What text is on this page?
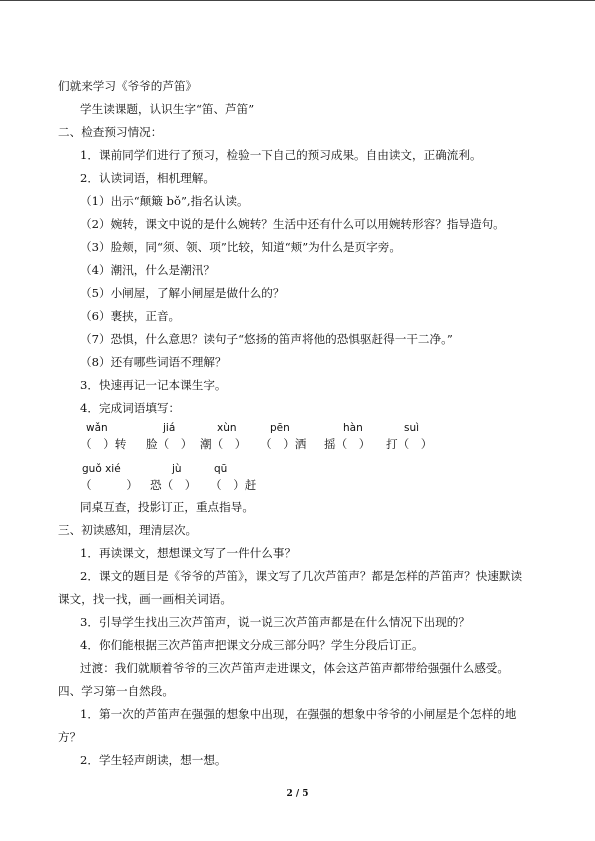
们就来学习《爷爷的芦笛》
学生读课题，认识生字“笛、芦笛”
二、检查预习情况：
1．课前同学们进行了预习，检验一下自己的预习成果。自由读文，正确流利。
2．认读词语，相机理解。
（1）出示“颠簸 bǒ”,指名认读。
（2）婉转，课文中说的是什么婉转？生活中还有什么可以用婉转形容？指导造句。
（3）脸颊，同“须、领、项”比较，知道“颊”为什么是页字旁。
（4）潮汛，什么是潮汛？
（5）小闸屋，了解小闸屋是做什么的？
（6）裹挟，正音。
（7）恐惧，什么意思？读句子“悠扬的笛声将他的恐惧驱赶得一干二净。”
（8）还有哪些词语不理解？
3．快速再记一记本课生字。
4．完成词语填写：
wǎn	jiá	xùn	pēn	hàn	suì
（　）转 脸（　） 潮（　） （　）洒 摇（　） 打（　）
guǒ xié	jù	qū
（　　　） 恐（　） （　）赶
同桌互查，投影订正，重点指导。
三、初读感知，理清层次。
1．再读课文，想想课文写了一件什么事？
2．课文的题目是《爷爷的芦笛》，课文写了几次芦笛声？都是怎样的芦笛声？快速默读
课文，找一找，画一画相关词语。
3．引导学生找出三次芦笛声，说一说三次芦笛声都是在什么情况下出现的？
4．你们能根据三次芦笛声把课文分成三部分吗？学生分段后订正。
过渡：我们就顺着爷爷的三次芦笛声走进课文，体会这芦笛声都带给强强什么感受。
四、学习第一自然段。
1．第一次的芦笛声在强强的想象中出现，在强强的想象中爷爷的小闸屋是个怎样的地
方？
2．学生轻声朗读，想一想。
2 / 5
